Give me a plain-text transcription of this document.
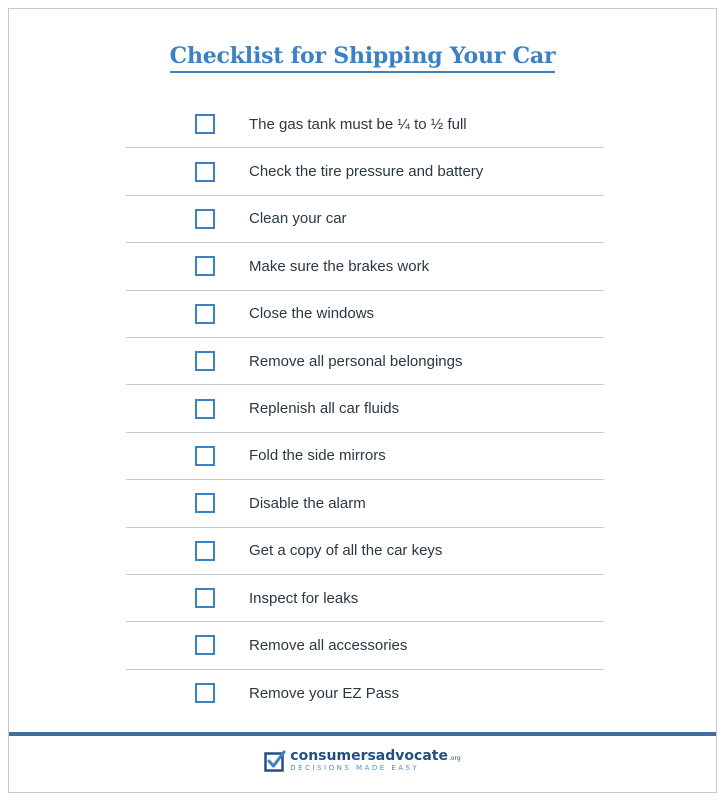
Checklist for Shipping Your Car
The gas tank must be ¼ to ½ full
Check the tire pressure and battery
Clean your car
Make sure the brakes work
Close the windows
Remove all personal belongings
Replenish all car fluids
Fold the side mirrors
Disable the alarm
Get a copy of all the car keys
Inspect for leaks
Remove all accessories
Remove your EZ Pass
consumersadvocate.org
DECISIONS MADE EASY
